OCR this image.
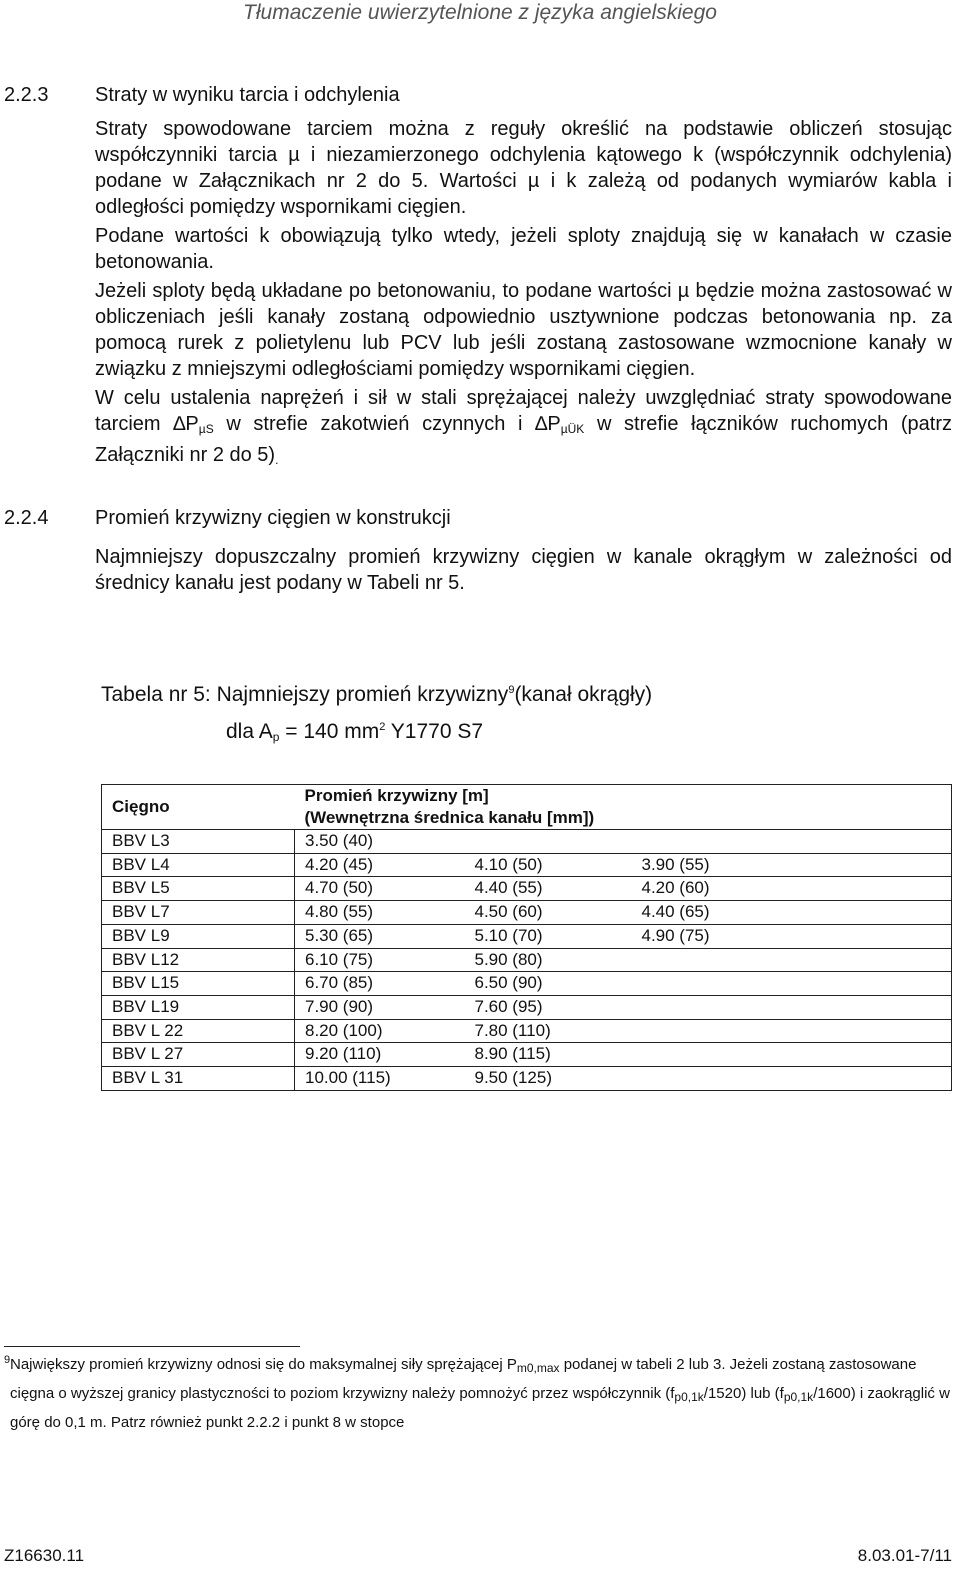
Tłumaczenie uwierzytelnione z języka angielskiego
2.2.3 Straty w wyniku tarcia i odchylenia

Straty spowodowane tarciem można z reguły określić na podstawie obliczeń stosując współczynniki tarcia µ i niezamierzonego odchylenia kątowego k (współczynnik odchylenia) podane w Załącznikach nr 2 do 5. Wartości µ i k zależą od podanych wymiarów kabla i odległości pomiędzy wspornikami cięgien.

Podane wartości k obowiązują tylko wtedy, jeżeli sploty znajdują się w kanałach w czasie betonowania.

Jeżeli sploty będą układane po betonowaniu, to podane wartości µ będzie można zastosować w obliczeniach jeśli kanały zostaną odpowiednio usztywnione podczas betonowania np. za pomocą rurek z polietylenu lub PCV lub jeśli zostaną zastosowane wzmocnione kanały w związku z mniejszymi odległościami pomiędzy wspornikami cięgien.

W celu ustalenia naprężeń i sił w stali sprężającej należy uwzględniać straty spowodowane tarciem $\Delta P_{\mu S}$ w strefie zakotwień czynnych i $\Delta P_{\mu ÜK}$ w strefie łączników ruchomych (patrz Załączniki nr 2 do $5)_.$

2.2.4 Promień krzywizny cięgien w konstrukcji

Najmniejszy dopuszczalny promień krzywizny cięgien w kanale okrągłym w zależności od średnicy kanału jest podany w Tabeli nr 5.

Tabela nr 5: Najmniejszy promień krzywizny$^9$(kanał okrągły)
dla $A_p = 140$ $mm^2$ Y1770 S7
Cięgno	Promień krzywizny [m]
(Wewnętrzna średnica kanału [mm])		

BBV L3	3.50 (40)		
BBV L4	4.20 (45)	4.10 (50)	3.90 (55)
BBV L5	4.70 (50)	4.40 (55)	4.20 (60)
BBV L7	4.80 (55)	4.50 (60)	4.40 (65)
BBV L9	5.30 (65)	5.10 (70)	4.90 (75)
BBV L12	6.10 (75)	5.90 (80)	
BBV L15	6.70 (85)	6.50 (90)	
BBV L19	7.90 (90)	7.60 (95)	
BBV L 22	8.20 (100)	7.80 (110)	
BBV L 27	9.20 (110)	8.90 (115)	
BBV L 31	10.00 (115)	9.50 (125)	
9 Największy promień krzywizny odnosi się do maksymalnej siły sprężającej $P_{m0,max}$ podanej w tabeli 2 lub 3. Jeżeli zostaną zastosowane cięgna o wyższej granicy plastyczności to poziom krzywizny należy pomnożyć przez współczynnik $(f_{p0,1k}/1520)$ lub $(f_{p0,1k}/1600)$ i zaokrąglić w górę do 0,1 m. Patrz również punkt 2.2.2 i punkt 8 w stopce
Z16630.11	8.03.01-7/11
